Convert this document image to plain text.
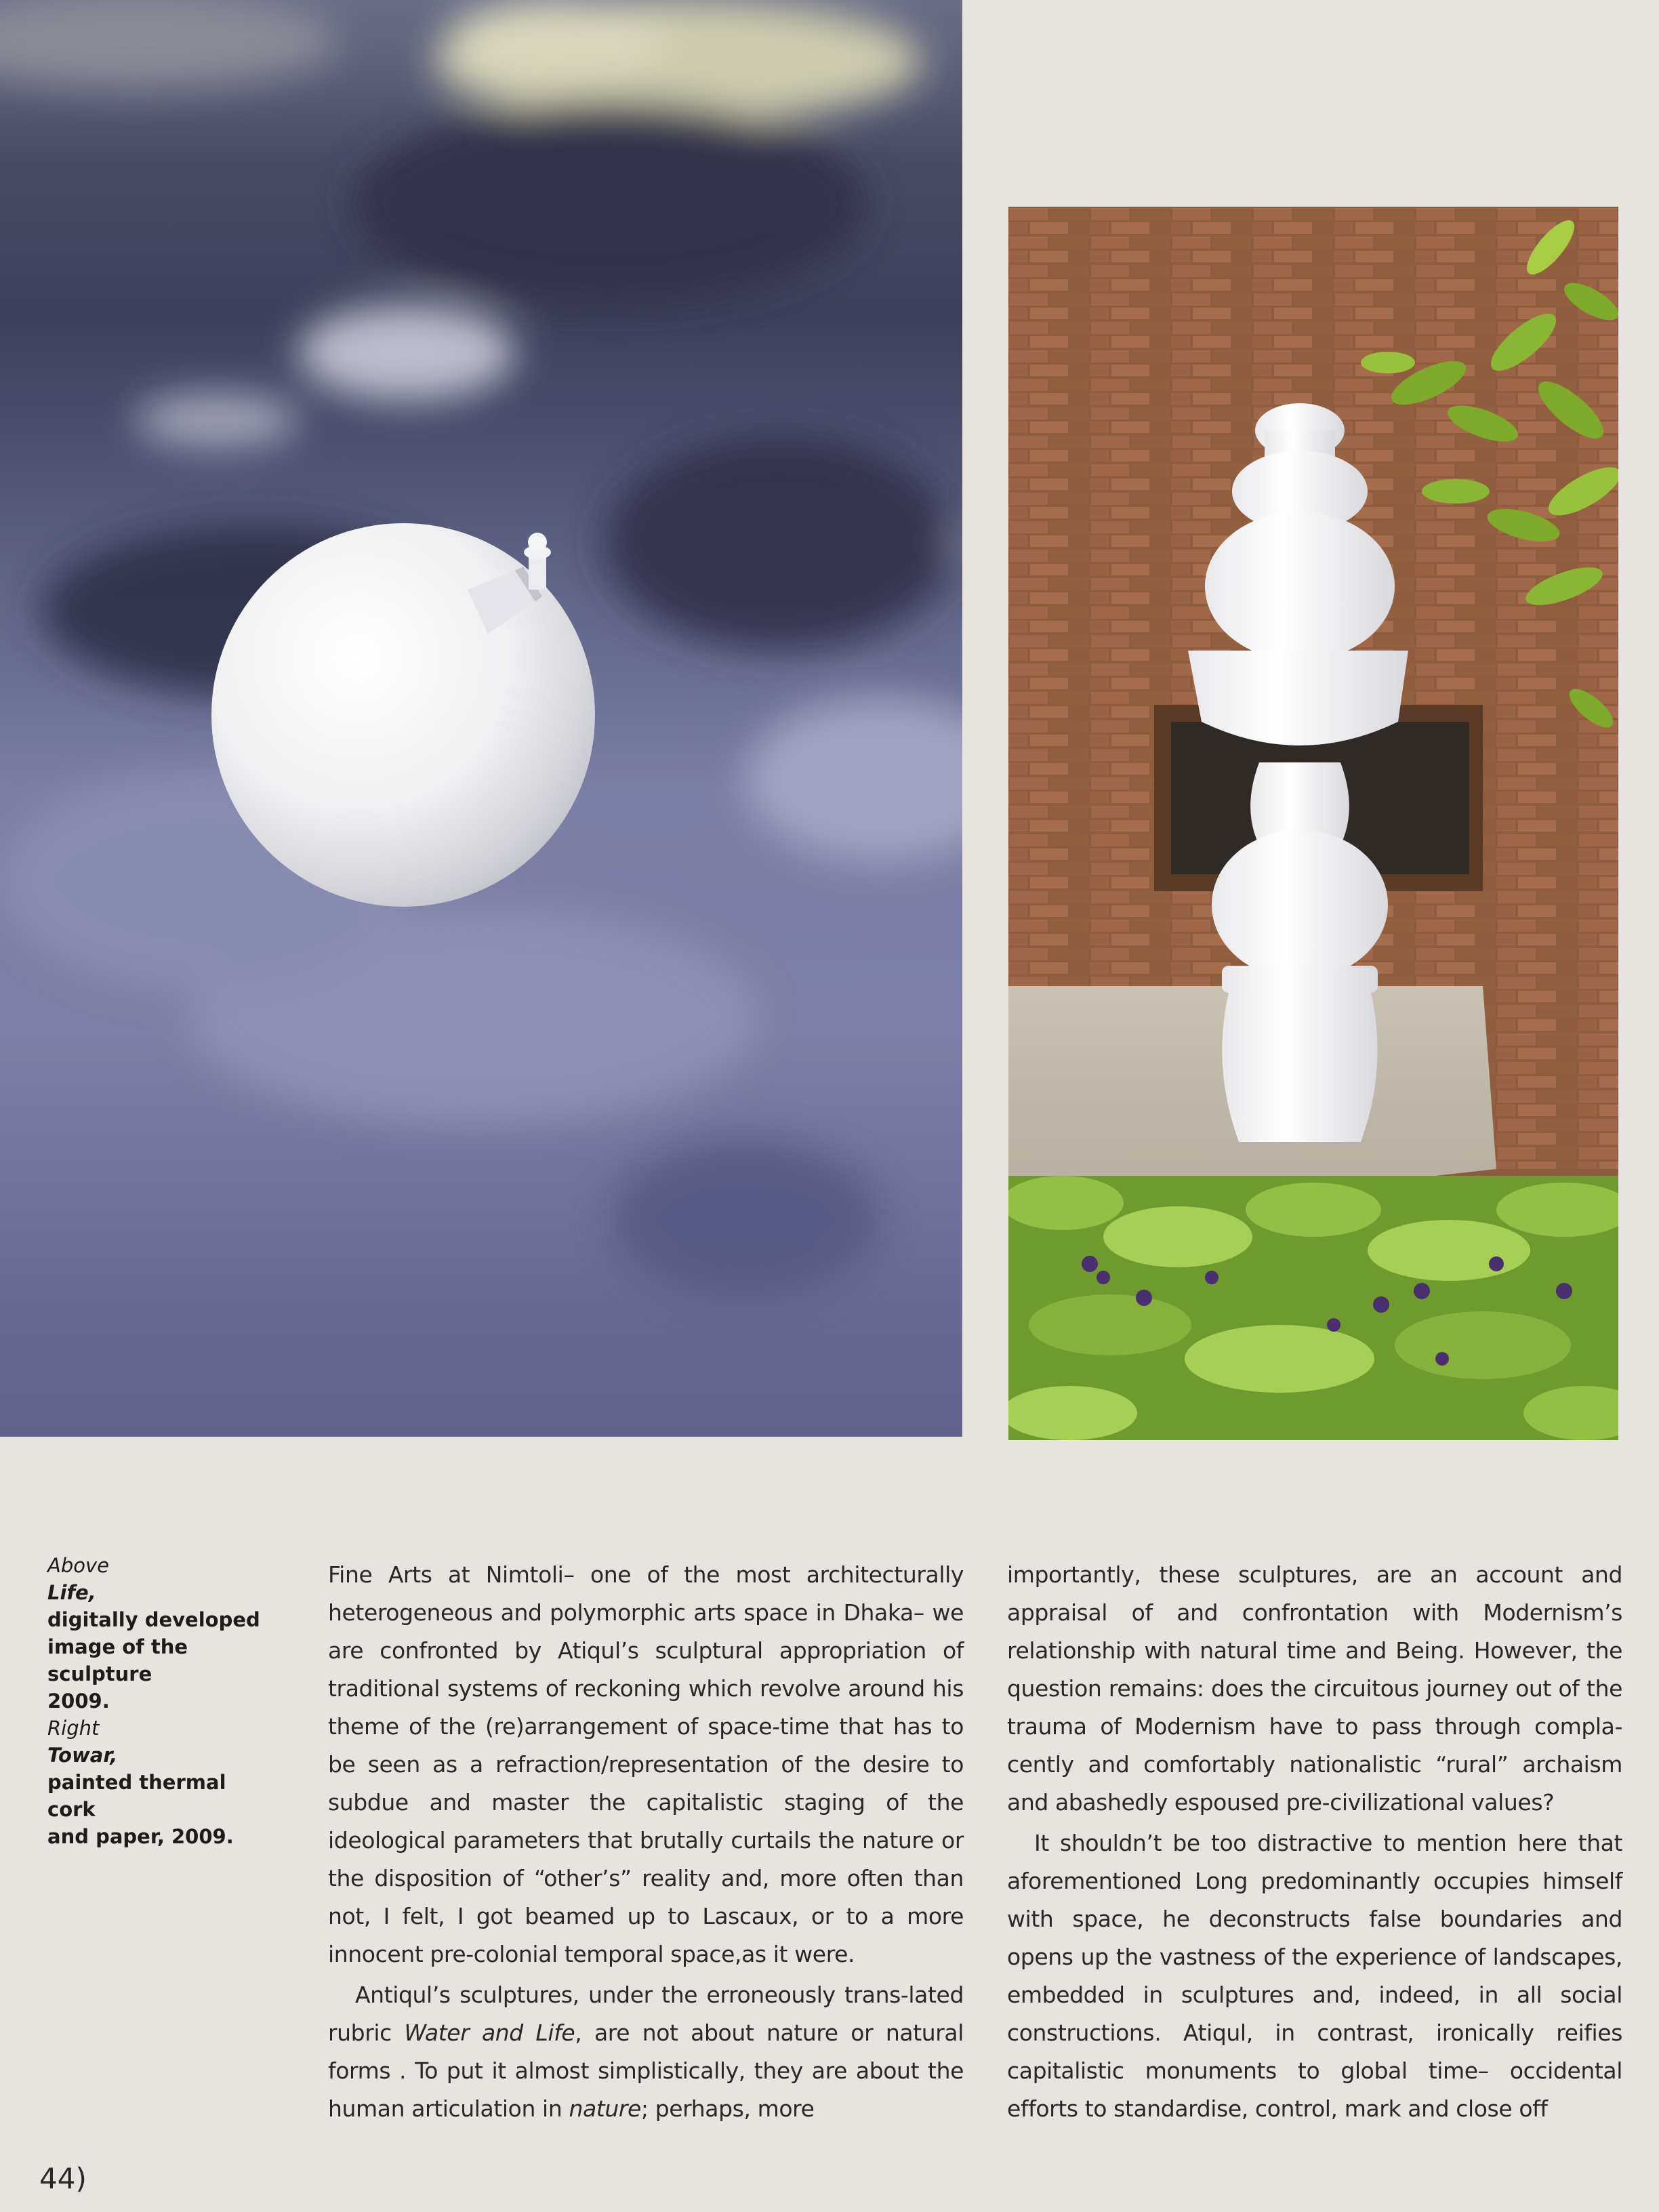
Above
Life,
digitally developed
image of the sculpture
2009.
Right
Towar,
painted thermal cork
and paper, 2009.

Fine Arts at Nimtoli– one of the most architecturally heterogeneous and polymorphic arts space in Dhaka– we are confronted by Atiqul’s sculptural appropriation of traditional systems of reckoning which revolve around his theme of the (re)arrangement of space-time that has to be seen as a refraction/representation of the desire to subdue and master the capitalistic staging of the ideological parameters that brutally curtails the nature or the disposition of “other’s” reality and, more often than not, I felt, I got beamed up to Lascaux, or to a more innocent pre-colonial temporal space,as it were.

Antiqul’s sculptures, under the erroneously trans-lated rubric Water and Life, are not about nature or natural forms . To put it almost simplistically, they are about the human articulation in nature; perhaps, more

importantly, these sculptures, are an account and appraisal of and confrontation with Modernism’s relationship with natural time and Being. However, the question remains: does the circuitous journey out of the trauma of Modernism have to pass through compla-cently and comfortably nationalistic “rural” archaism and abashedly espoused pre-civilizational values?

It shouldn’t be too distractive to mention here that aforementioned Long predominantly occupies himself with space, he deconstructs false boundaries and opens up the vastness of the experience of landscapes, embedded in sculptures and, indeed, in all social constructions. Atiqul, in contrast, ironically reifies capitalistic monuments to global time– occidental efforts to standardise, control, mark and close off

44)
